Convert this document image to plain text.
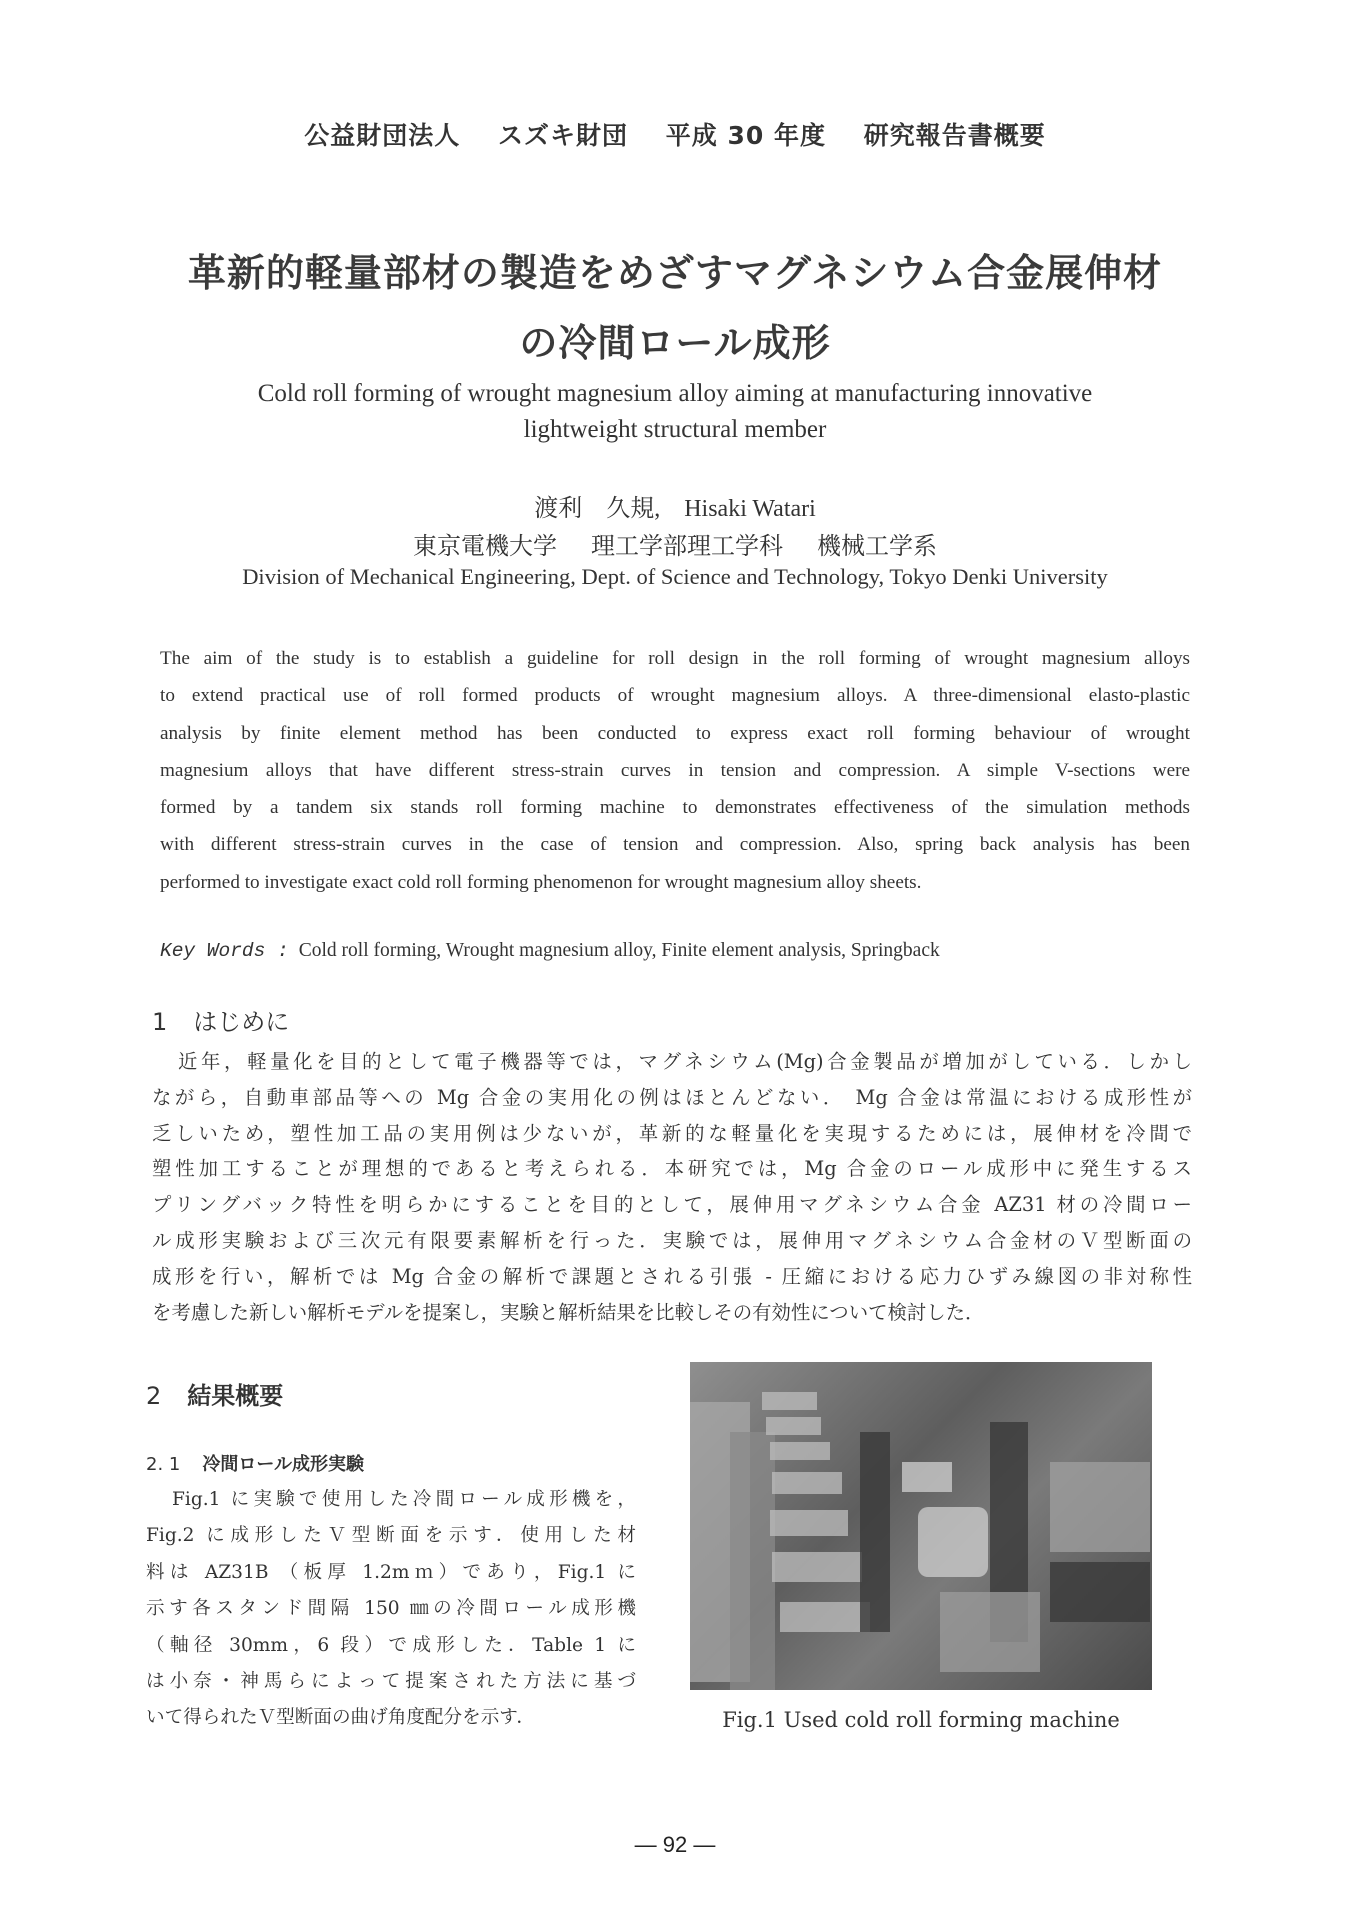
公益財団法人 スズキ財団 平成 30 年度 研究報告書概要
革新的軽量部材の製造をめざすマグネシウム合金展伸材
の冷間ロール成形
Cold roll forming of wrought magnesium alloy aiming at manufacturing innovative
lightweight structural member
渡利　久規, Hisaki Watari
東京電機大学 理工学部理工学科 機械工学系
Division of Mechanical Engineering, Dept. of Science and Technology, Tokyo Denki University
The aim of the study is to establish a guideline for roll design in the roll forming of wrought magnesium alloys
to extend practical use of roll formed products of wrought magnesium alloys. A three-dimensional elasto-plastic
analysis by finite element method has been conducted to express exact roll forming behaviour of wrought
magnesium alloys that have different stress-strain curves in tension and compression. A simple V-sections were
formed by a tandem six stands roll forming machine to demonstrates effectiveness of the simulation methods
with different stress-strain curves in the case of tension and compression. Also, spring back analysis has been
performed to investigate exact cold roll forming phenomenon for wrought magnesium alloy sheets.
Key Words : Cold roll forming, Wrought magnesium alloy, Finite element analysis, Springback
1 はじめに
近年，軽量化を目的として電子機器等では，マグネシウム(Mg)合金製品が増加がしている．しかし
ながら，自動車部品等への Mg 合金の実用化の例はほとんどない． Mg 合金は常温における成形性が
乏しいため，塑性加工品の実用例は少ないが，革新的な軽量化を実現するためには，展伸材を冷間で
塑性加工することが理想的であると考えられる．本研究では，Mg 合金のロール成形中に発生するス
プリングバック特性を明らかにすることを目的として，展伸用マグネシウム合金 AZ31 材の冷間ロー
ル成形実験および三次元有限要素解析を行った．実験では，展伸用マグネシウム合金材のＶ型断面の
成形を行い，解析では Mg 合金の解析で課題とされる引張 - 圧縮における応力ひずみ線図の非対称性
を考慮した新しい解析モデルを提案し，実験と解析結果を比較しその有効性について検討した．
2 結果概要
2. 1 冷間ロール成形実験
Fig.1 に実験で使用した冷間ロール成形機を，
Fig.2 に成形したＶ型断面を示す．使用した材
料は AZ31B （板厚 1.2mｍ）であり，Fig.1 に
示す各スタンド間隔 150 ㎜の冷間ロール成形機
（軸径 30mm，6 段）で成形した．Table 1 に
は小奈・神馬らによって提案された方法に基づ
いて得られたＶ型断面の曲げ角度配分を示す．	Fig.1 Used cold roll forming machine
― 92 ―
